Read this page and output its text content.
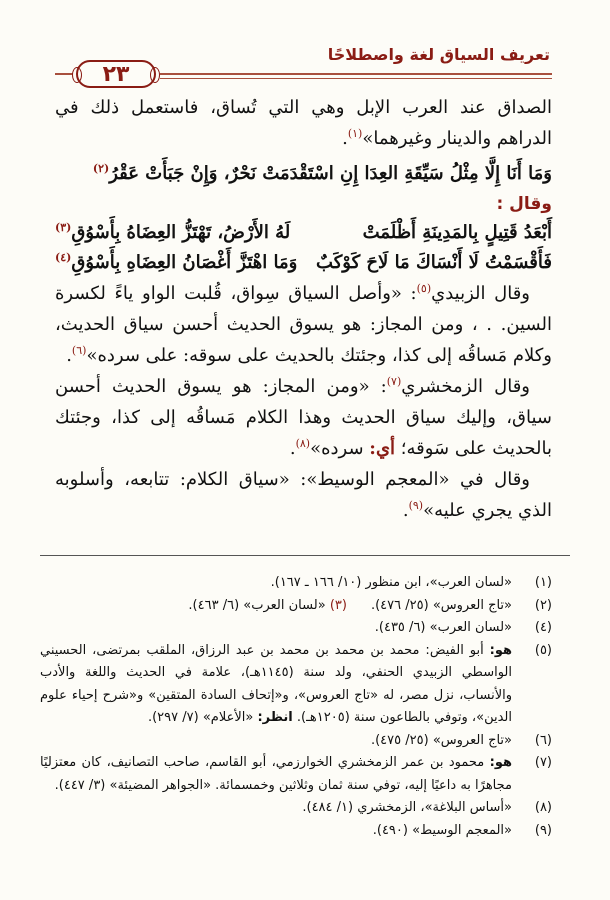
تعريف السياق لغة واصطلاحًا
٢٣

الصداق عند العرب الإبل وهي التي تُساق، فاستعمل ذلك في الدراهم والدينار وغيرهما»$^{(١)}$.

وَمَا أَنَا إِلَّا مِثْلُ سَيِّقَةِ العِدَا إِنِ اسْتَقْدَمَتْ نَحْرٌ، وَإِنْ جَبَأَتْ عَقْرُ$^{(٢)}$
وقال :
أَبْعَدُ قَتِيلٍ بِالمَدِينَةِ أَظْلَمَتْ
لَهُ الأَرْضُ، تَهْتَزُّ العِضَاهُ بِأَسْوُقِ$^{(٣)}$
فَأَقْسَمْتُ لَا أَنْسَاكَ مَا لَاحَ كَوْكَبٌ
وَمَا اهْتَزَّ أَغْصَانُ العِضَاهِ بِأَسْوُقِ$^{(٤)}$

وقال الزبيدي$^{(٥)}$: «وأصل السياق سِواق، قُلبت الواو ياءً لكسرة السين. . ، ومن المجاز: هو يسوق الحديث أحسن سياق الحديث، وكلام مَساقُه إلى كذا، وجئتك بالحديث على سوقه: على سرده»$^{(٦)}$.

وقال الزمخشري$^{(٧)}$: «ومن المجاز: هو يسوق الحديث أحسن سياق، وإليك سياق الحديث وهذا الكلام مَساقُه إلى كذا، وجئتك بالحديث على سَوقه؛ أي: سرده»$^{(٨)}$.

وقال في «المعجم الوسيط»: «سياق الكلام: تتابعه، وأسلوبه الذي يجري عليه»$^{(٩)}$.

(١)
«لسان العرب»، ابن منظور (١٠/ ١٦٦ ـ ١٦٧).
(٢)
«تاج العروس» (٢٥/ ٤٧٦).
(٣) «لسان العرب» (٦/ ٤٦٣).
(٤)
«لسان العرب» (٦/ ٤٣٥).
(٥)
هو: أبو الفيض: محمد بن محمد بن محمد بن عبد الرزاق، الملقب بمرتضى، الحسيني الواسطي الزبيدي الحنفي، ولد سنة (١١٤٥هـ)، علامة في الحديث واللغة والأدب والأنساب، نزل مصر، له «تاج العروس»، و«إتحاف السادة المتقين» و«شرح إحياء علوم الدين»، وتوفي بالطاعون سنة (١٢٠٥هـ). انظر: «الأعلام» (٧/ ٢٩٧).
(٦)
«تاج العروس» (٢٥/ ٤٧٥).
(٧)
هو: محمود بن عمر الزمخشري الخوارزمي، أبو القاسم، صاحب التصانيف، كان معتزليًا مجاهرًا به داعيًا إليه، توفي سنة ثمان وثلاثين وخمسمائة. «الجواهر المضيئة» (٣/ ٤٤٧).
(٨)
«أساس البلاغة»، الزمخشري (١/ ٤٨٤).
(٩)
«المعجم الوسيط» (٤٩٠).
